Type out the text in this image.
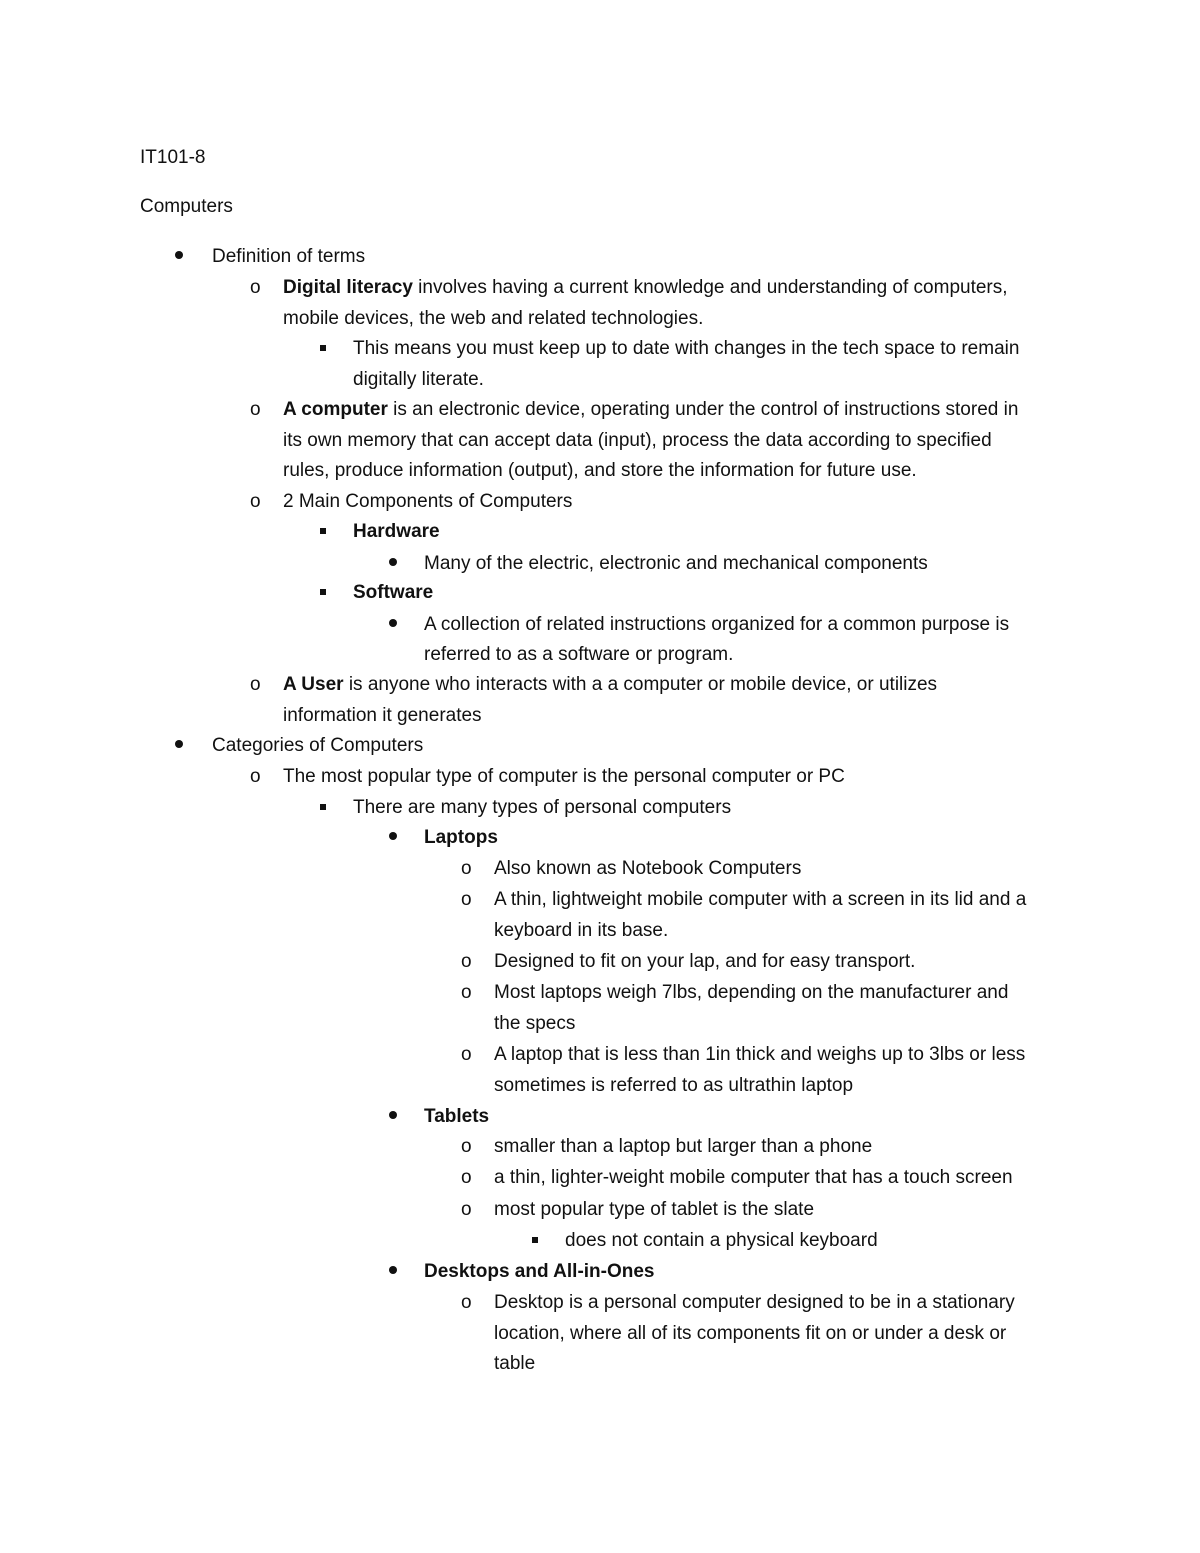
IT101-8
Computers
Definition of terms
o Digital literacy involves having a current knowledge and understanding of computers,
mobile devices, the web and related technologies.
This means you must keep up to date with changes in the tech space to remain
digitally literate.
o A computer is an electronic device, operating under the control of instructions stored in
its own memory that can accept data (input), process the data according to specified
rules, produce information (output), and store the information for future use.
o 2 Main Components of Computers
Hardware
Many of the electric, electronic and mechanical components
Software
A collection of related instructions organized for a common purpose is
referred to as a software or program.
o A User is anyone who interacts with a a computer or mobile device, or utilizes
information it generates
Categories of Computers
o The most popular type of computer is the personal computer or PC
There are many types of personal computers
Laptops
o Also known as Notebook Computers
o A thin, lightweight mobile computer with a screen in its lid and a
keyboard in its base.
o Designed to fit on your lap, and for easy transport.
o Most laptops weigh 7lbs, depending on the manufacturer and
the specs
o A laptop that is less than 1in thick and weighs up to 3lbs or less
sometimes is referred to as ultrathin laptop
Tablets
o smaller than a laptop but larger than a phone
o a thin, lighter-weight mobile computer that has a touch screen
o most popular type of tablet is the slate
does not contain a physical keyboard
Desktops and All-in-Ones
o Desktop is a personal computer designed to be in a stationary
location, where all of its components fit on or under a desk or
table
